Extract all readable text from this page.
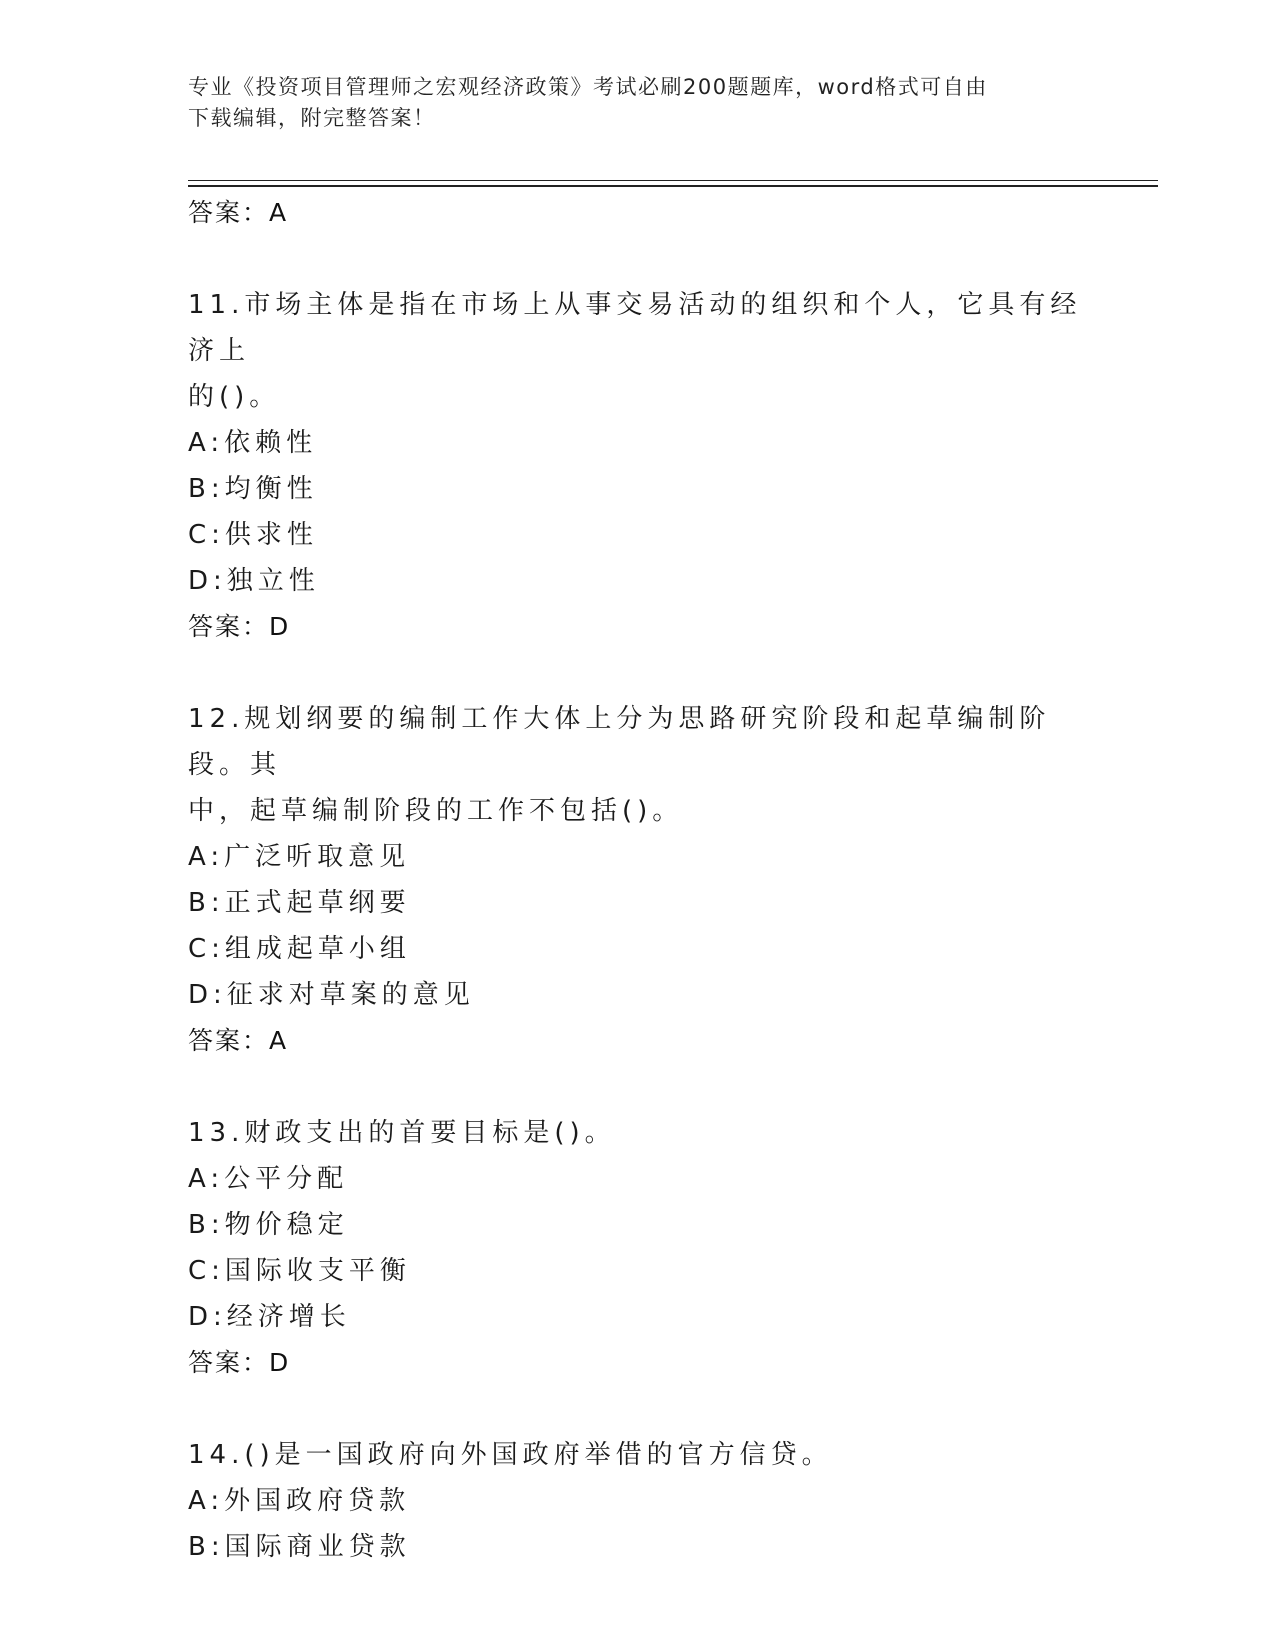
专业《投资项目管理师之宏观经济政策》考试必刷200题题库，word格式可自由
下载编辑，附完整答案！
答案：A
11.市场主体是指在市场上从事交易活动的组织和个人，它具有经济上
的()。
A:依赖性
B:均衡性
C:供求性
D:独立性
答案：D
12.规划纲要的编制工作大体上分为思路研究阶段和起草编制阶段。其
中，起草编制阶段的工作不包括()。
A:广泛听取意见
B:正式起草纲要
C:组成起草小组
D:征求对草案的意见
答案：A
13.财政支出的首要目标是()。
A:公平分配
B:物价稳定
C:国际收支平衡
D:经济增长
答案：D
14.()是一国政府向外国政府举借的官方信贷。
A:外国政府贷款
B:国际商业贷款
